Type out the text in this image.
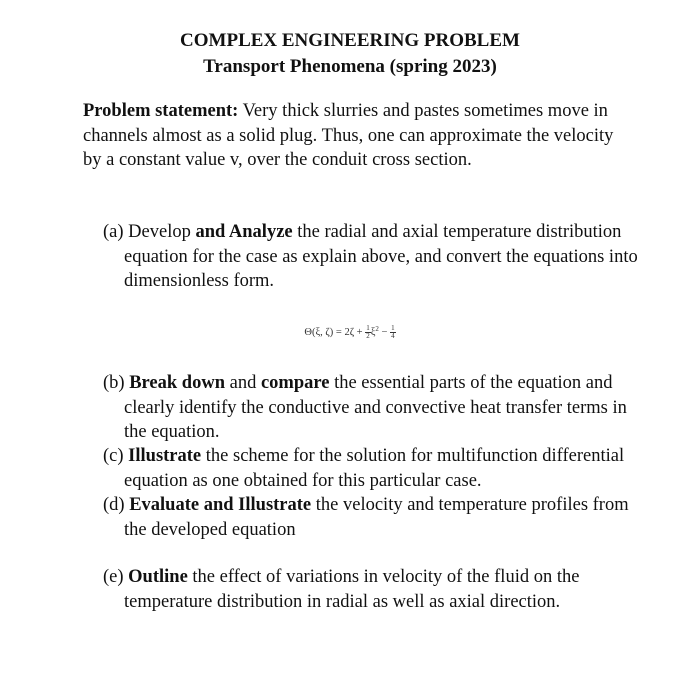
COMPLEX ENGINEERING PROBLEM
Transport Phenomena (spring 2023)
Problem statement: Very thick slurries and pastes sometimes move in channels almost as a solid plug. Thus, one can approximate the velocity by a constant value v, over the conduit cross section.
(a) Develop and Analyze the radial and axial temperature distribution equation for the case as explain above, and convert the equations into dimensionless form.
Θ(ξ, $\zeta) = 2\zeta + \frac{1}{2} \xi^2 - \frac{1}{4}$
(b) Break down and compare the essential parts of the equation and clearly identify the conductive and convective heat transfer terms in the equation.
(c) Illustrate the scheme for the solution for multifunction differential equation as one obtained for this particular case.
(d) Evaluate and Illustrate the velocity and temperature profiles from the developed equation
(e) Outline the effect of variations in velocity of the fluid on the temperature distribution in radial as well as axial direction.
